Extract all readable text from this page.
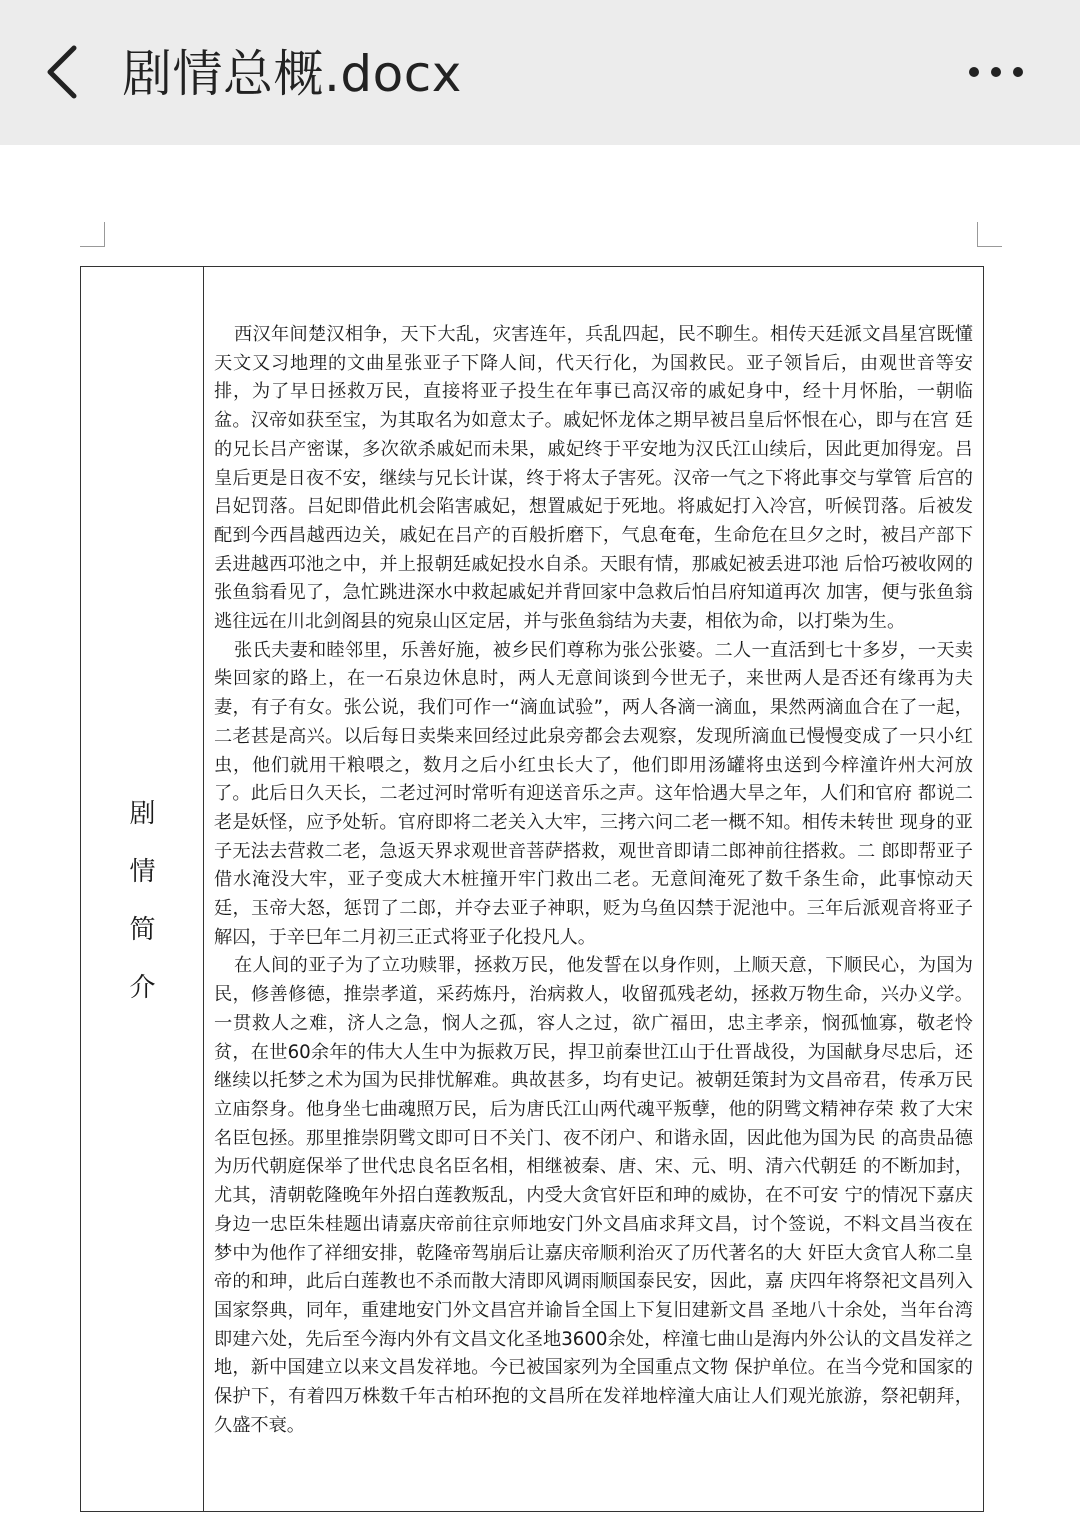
剧情总概.docx
剧
情
简
介

西汉年间楚汉相争，天下大乱，灾害连年，兵乱四起，民不聊生。相传天廷派文昌星宫既懂天文又习地理的文曲星张亚子下降人间，代天行化，为国救民。亚子领旨后，由观世音等安排，为了早日拯救万民，直接将亚子投生在年事已高汉帝的戚妃身中，经十月怀胎，一朝临盆。汉帝如获至宝，为其取名为如意太子。戚妃怀龙体之期早被吕皇后怀恨在心，即与在宫 廷的兄长吕产密谋，多次欲杀戚妃而未果，戚妃终于平安地为汉氏江山续后，因此更加得宠。吕皇后更是日夜不安，继续与兄长计谋，终于将太子害死。汉帝一气之下将此事交与掌管 后宫的吕妃罚落。吕妃即借此机会陷害戚妃，想置戚妃于死地。将戚妃打入冷宫，听候罚落。后被发配到今西昌越西边关，戚妃在吕产的百般折磨下，气息奄奄，生命危在旦夕之时，被吕产部下丢进越西邛池之中，并上报朝廷戚妃投水自杀。天眼有情，那戚妃被丢进邛池 后恰巧被收网的张鱼翁看见了，急忙跳进深水中救起戚妃并背回家中急救后怕吕府知道再次 加害，便与张鱼翁逃往远在川北剑阁县的宛泉山区定居，并与张鱼翁结为夫妻，相依为命，以打柴为生。

张氏夫妻和睦邻里，乐善好施，被乡民们尊称为张公张婆。二人一直活到七十多岁，一天卖柴回家的路上，在一石泉边休息时，两人无意间谈到今世无子，来世两人是否还有缘再为夫妻，有子有女。张公说，我们可作一“滴血试验”，两人各滴一滴血，果然两滴血合在了一起，二老甚是高兴。以后每日卖柴来回经过此泉旁都会去观察，发现所滴血已慢慢变成了一只小红虫，他们就用干粮喂之，数月之后小红虫长大了，他们即用汤罐将虫送到今梓潼许州大河放了。此后日久天长，二老过河时常听有迎送音乐之声。这年恰遇大旱之年，人们和官府 都说二老是妖怪，应予处斩。官府即将二老关入大牢，三拷六问二老一概不知。相传未转世 现身的亚子无法去营救二老，急返天界求观世音菩萨搭救，观世音即请二郎神前往搭救。二 郎即帮亚子借水淹没大牢，亚子变成大木桩撞开牢门救出二老。无意间淹死了数千条生命，此事惊动天廷，玉帝大怒，惩罚了二郎，并夺去亚子神职，贬为乌鱼囚禁于泥池中。三年后派观音将亚子解囚，于辛巳年二月初三正式将亚子化投凡人。

在人间的亚子为了立功赎罪，拯救万民，他发誓在以身作则，上顺天意，下顺民心，为国为民，修善修德，推崇孝道，采药炼丹，治病救人，收留孤残老幼，拯救万物生命，兴办义学。一贯救人之难，济人之急，悯人之孤，容人之过，欲广福田，忠主孝亲，悯孤恤寡，敬老怜贫，在世60余年的伟大人生中为振救万民，捍卫前秦世江山于仕晋战役，为国献身尽忠后，还继续以托梦之术为国为民排忧解难。典故甚多，均有史记。被朝廷策封为文昌帝君，传承万民立庙祭身。他身坐七曲魂照万民，后为唐氏江山两代魂平叛孽，他的阴骘文精神存荣 救了大宋名臣包拯。那里推崇阴骘文即可日不关门、夜不闭户、和谐永固，因此他为国为民 的高贵品德为历代朝庭保举了世代忠良名臣名相，相继被秦、唐、宋、元、明、清六代朝廷 的不断加封，尤其，清朝乾隆晚年外招白莲教叛乱，内受大贪官奸臣和珅的威协，在不可安 宁的情况下嘉庆身边一忠臣朱桂题出请嘉庆帝前往京师地安门外文昌庙求拜文昌，讨个签说，不料文昌当夜在梦中为他作了祥细安排，乾隆帝驾崩后让嘉庆帝顺利治灭了历代著名的大 奸臣大贪官人称二皇帝的和珅，此后白莲教也不杀而散大清即风调雨顺国泰民安，因此，嘉 庆四年将祭祀文昌列入国家祭典，同年，重建地安门外文昌宫并谕旨全国上下复旧建新文昌 圣地八十余处，当年台湾即建六处，先后至今海内外有文昌文化圣地3600余处，梓潼七曲山是海内外公认的文昌发祥之地，新中国建立以来文昌发祥地。今已被国家列为全国重点文物 保护单位。在当今党和国家的保护下，有着四万株数千年古柏环抱的文昌所在发祥地梓潼大庙让人们观光旅游，祭祀朝拜，久盛不衰。
